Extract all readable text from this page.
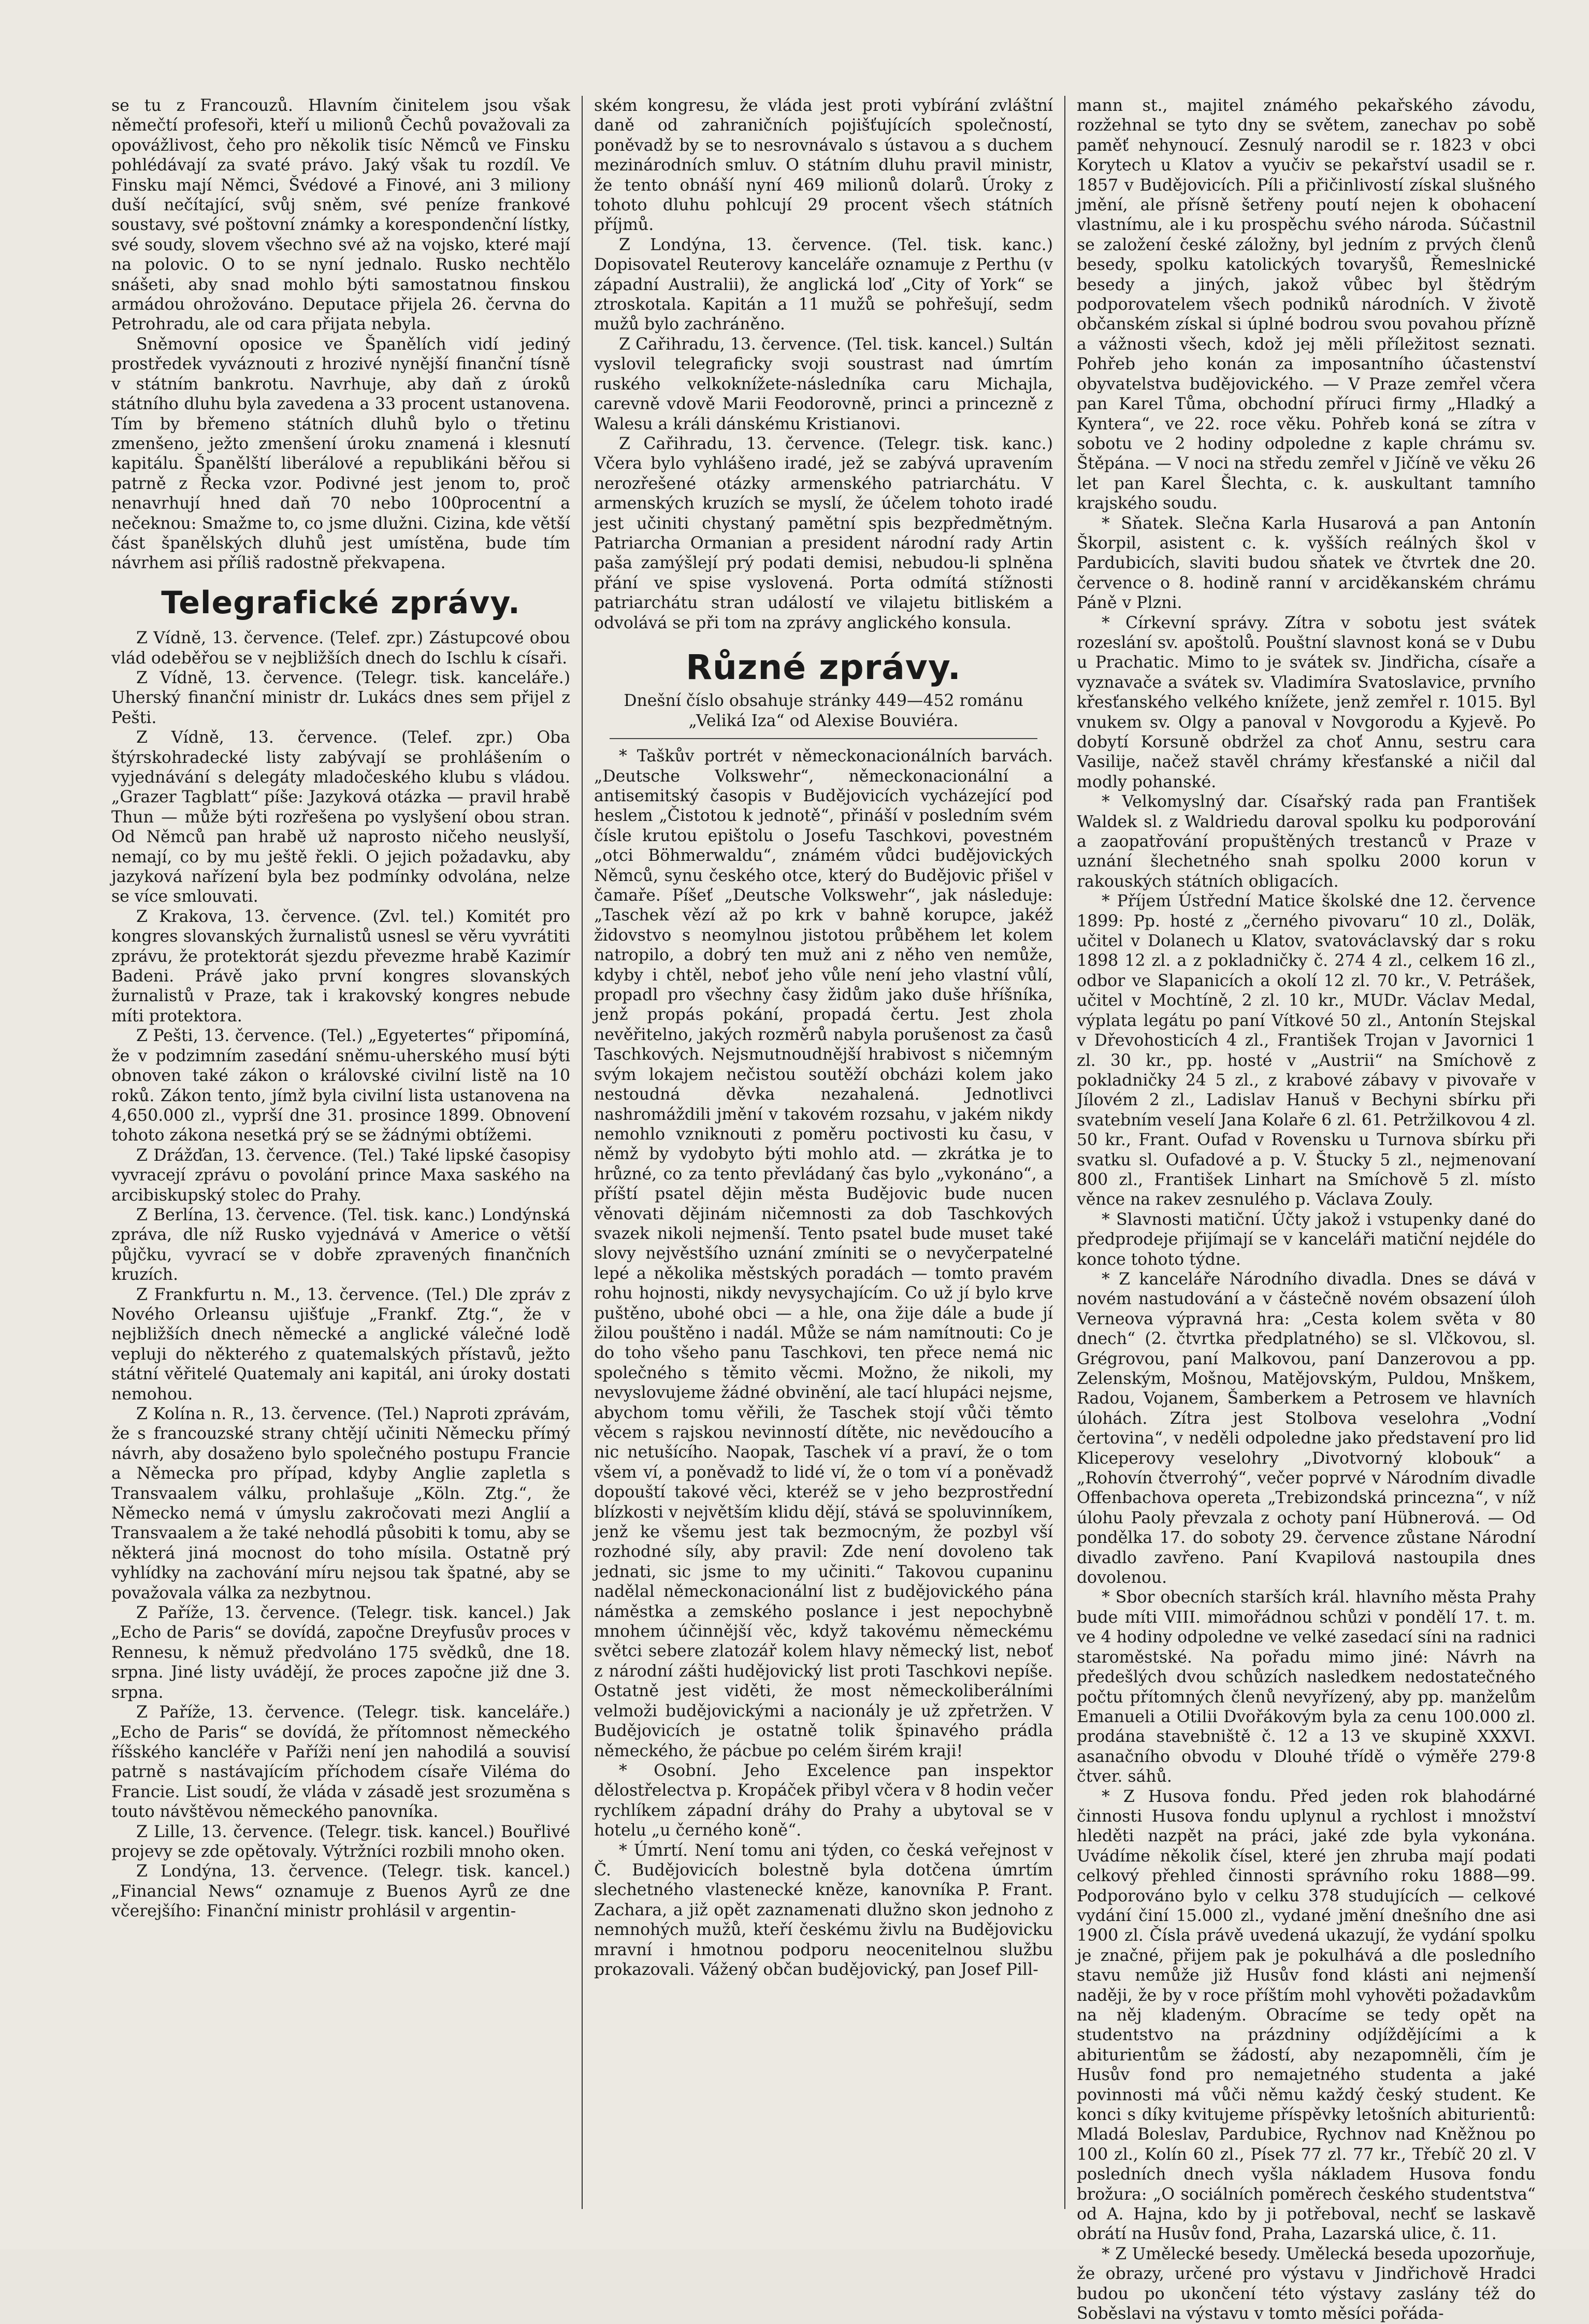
se tu z Francouzů. Hlavním činitelem jsou však němečtí profesoři, kteří u milionů Čechů považovali za opovážlivost, čeho pro několik tisíc Němců ve Finsku pohlédávají za svaté právo. Jaký však tu rozdíl. Ve Finsku mají Němci, Švédové a Finové, ani 3 miliony duší nečítající, svůj sněm, své peníze frankové soustavy, své poštovní známky a korespondenční lístky, své soudy, slovem všechno své až na vojsko, které mají na polovic. O to se nyní jednalo. Rusko nechtělo snášeti, aby snad mohlo býti samostatnou finskou armádou ohrožováno. Deputace přijela 26. června do Petrohradu, ale od cara přijata nebyla.

Sněmovní oposice ve Španělích vidí jediný prostředek vyváznouti z hrozivé nynější finanční tísně v státním bankrotu. Navrhuje, aby daň z úroků státního dluhu byla zavedena a 33 procent ustanovena. Tím by břemeno státních dluhů bylo o třetinu zmenšeno, ježto zmenšení úroku znamená i klesnutí kapitálu. Španělští liberálové a republikáni běřou si patrně z Řecka vzor. Podivné jest jenom to, proč nenavrhují hned daň 70 nebo 100procentní a nečeknou: Smažme to, co jsme dlužni. Cizina, kde větší část španělských dluhů jest umístěna, bude tím návrhem asi příliš radostně překvapena.

Telegrafické zprávy.

Z Vídně, 13. července. (Telef. zpr.) Zástupcové obou vlád odeběřou se v nejbližších dnech do Ischlu k císaři.

Z Vídně, 13. července. (Telegr. tisk. kanceláře.) Uherský finanční ministr dr. Lukács dnes sem přijel z Pešti.

Z Vídně, 13. července. (Telef. zpr.) Oba štýrskohradecké listy zabývají se prohlášením o vyjednávání s delegáty mladočeského klubu s vládou. „Grazer Tagblatt“ píše: Jazyková otázka — pravil hrabě Thun — může býti rozřešena po vyslyšení obou stran. Od Němců pan hrabě už naprosto ničeho neuslyší, nemají, co by mu ještě řekli. O jejich požadavku, aby jazyková nařízení byla bez podmínky odvolána, nelze se více smlouvati.

Z Krakova, 13. července. (Zvl. tel.) Komitét pro kongres slovanských žurnalistů usnesl se věru vyvrátiti zprávu, že protektorát sjezdu převezme hrabě Kazimír Badeni. Právě jako první kongres slovanských žurnalistů v Praze, tak i krakovský kongres nebude míti protektora.

Z Pešti, 13. července. (Tel.) „Egyetertes“ připomíná, že v podzimním zasedání sněmu-uherského musí býti obnoven také zákon o královské civilní listě na 10 roků. Zákon tento, jímž byla civilní lista ustanovena na 4,650.000 zl., vyprší dne 31. prosince 1899. Obnovení tohoto zákona nesetká prý se se žádnými obtížemi.

Z Drážďan, 13. července. (Tel.) Také lipské časopisy vyvracejí zprávu o povolání prince Maxa saského na arcibiskupský stolec do Prahy.

Z Berlína, 13. července. (Tel. tisk. kanc.) Londýnská zpráva, dle níž Rusko vyjednává v Americe o větší půjčku, vyvrací se v dobře zpravených finančních kruzích.

Z Frankfurtu n. M., 13. července. (Tel.) Dle zpráv z Nového Orleansu ujišťuje „Frankf. Ztg.“, že v nejbližších dnech německé a anglické válečné lodě vepluji do některého z quatemalských přístavů, ježto státní věřitelé Quatemaly ani kapitál, ani úroky dostati nemohou.

Z Kolína n. R., 13. července. (Tel.) Naproti zprávám, že s francouzské strany chtějí učiniti Německu přímý návrh, aby dosaženo bylo společného postupu Francie a Německa pro případ, kdyby Anglie zapletla s Transvaalem válku, prohlašuje „Köln. Ztg.“, že Německo nemá v úmyslu zakročovati mezi Anglií a Transvaalem a že také nehodlá působiti k tomu, aby se některá jiná mocnost do toho mísila. Ostatně prý vyhlídky na zachování míru nejsou tak špatné, aby se považovala válka za nezbytnou.

Z Paříže, 13. července. (Telegr. tisk. kancel.) Jak „Echo de Paris“ se dovídá, započne Dreyfusův proces v Rennesu, k němuž předvoláno 175 svědků, dne 18. srpna. Jiné listy uvádějí, že proces započne již dne 3. srpna.

Z Paříže, 13. července. (Telegr. tisk. kanceláře.) „Echo de Paris“ se dovídá, že přítomnost německého říšského kancléře v Paříži není jen nahodilá a souvisí patrně s nastávajícím příchodem císaře Viléma do Francie. List soudí, že vláda v zásadě jest srozuměna s touto návštěvou německého panovníka.

Z Lille, 13. července. (Telegr. tisk. kancel.) Bouřlivé projevy se zde opětovaly. Výtržníci rozbili mnoho oken.

Z Londýna, 13. července. (Telegr. tisk. kancel.) „Financial News“ oznamuje z Buenos Ayrů ze dne včerejšího: Finanční ministr prohlásil v argentin-

ském kongresu, že vláda jest proti vybírání zvláštní daně od zahraničních pojišťujících společností, poněvadž by se to nesrovnávalo s ústavou a s duchem mezinárodních smluv. O státním dluhu pravil ministr, že tento obnáší nyní 469 milionů dolarů. Úroky z tohoto dluhu pohlcují 29 procent všech státních příjmů.

Z Londýna, 13. července. (Tel. tisk. kanc.) Dopisovatel Reuterovy kanceláře oznamuje z Perthu (v západní Australii), že anglická loď „City of York“ se ztroskotala. Kapitán a 11 mužů se pohřešují, sedm mužů bylo zachráněno.

Z Cařihradu, 13. července. (Tel. tisk. kancel.) Sultán vyslovil telegraficky svoji soustrast nad úmrtím ruského velkoknížete-následníka caru Michajla, carevně vdově Marii Feodorovně, princi a princezně z Walesu a králi dánskému Kristianovi.

Z Cařihradu, 13. července. (Telegr. tisk. kanc.) Včera bylo vyhlášeno iradé, jež se zabývá upravením nerozřešené otázky armenského patriarchátu. V armenských kruzích se myslí, že účelem tohoto iradé jest učiniti chystaný pamětní spis bezpředmětným. Patriarcha Ormanian a president národní rady Artin paša zamýšlejí prý podati demisi, nebudou-li splněna přání ve spise vyslovená. Porta odmítá stížnosti patriarchátu stran událostí ve vilajetu bitliském a odvolává se při tom na zprávy anglického konsula.

Různé zprávy.

Dnešní číslo obsahuje stránky 449—452 románu „Veliká Iza“ od Alexise Bouviéra.

* Taškův portrét v německonacionálních barvách. „Deutsche Volkswehr“, německonacionální a antisemitský časopis v Budějovicích vycházející pod heslem „Čistotou k jednotě“, přináší v posledním svém čísle krutou epištolu o Josefu Taschkovi, povestném „otci Böhmerwaldu“, známém vůdci budějovických Němců, synu českého otce, který do Budějovic přišel v čamaře. Píšeť „Deutsche Volkswehr“, jak následuje: „Taschek vězí až po krk v bahně korupce, jakéž židovstvo s neomylnou jistotou průběhem let kolem natropilo, a dobrý ten muž ani z něho ven nemůže, kdyby i chtěl, neboť jeho vůle není jeho vlastní vůlí, propadl pro všechny časy židům jako duše hříšníka, jenž propás pokání, propadá čertu. Jest zhola nevěřitelno, jakých rozměrů nabyla porušenost za časů Taschkových. Nejsmutnoudnější hrabivost s ničemným svým lokajem nečistou soutěží obcházi kolem jako nestoudná děvka nezahalená. Jednotlivci nashromáždili jmění v takovém rozsahu, v jakém nikdy nemohlo vzniknouti z poměru poctivosti ku času, v němž by vydobyto býti mohlo atd. — zkrátka je to hrůzné, co za tento převládaný čas bylo „vykonáno“, a příští psatel dějin města Budějovic bude nucen věnovati dějinám ničemnosti za dob Taschkových svazek nikoli nejmenší. Tento psatel bude muset také slovy nejvěstšího uznání zmíniti se o nevyčerpatelné lepé a několika městských poradách — tomto pravém rohu hojnosti, nikdy nevysychajícím. Co už jí bylo krve puštěno, ubohé obci — a hle, ona žije dále a bude jí žilou pouštěno i nadál. Může se nám namítnouti: Co je do toho všeho panu Taschkovi, ten přece nemá nic společného s těmito věcmi. Možno, že nikoli, my nevyslovujeme žádné obvinění, ale tací hlupáci nejsme, abychom tomu věřili, že Taschek stojí vůči těmto věcem s rajskou nevinností dítěte, nic nevědoucího a nic netušícího. Naopak, Taschek ví a praví, že o tom všem ví, a poněvadž to lidé ví, že o tom ví a poněvadž dopouští takové věci, kteréž se v jeho bezprostřední blízkosti v největším klidu dějí, stává se spoluvinníkem, jenž ke všemu jest tak bezmocným, že pozbyl vší rozhodné síly, aby pravil: Zde není dovoleno tak jednati, sic jsme to my učiniti.“ Takovou cupaninu nadělal německonacionální list z budějovického pána náměstka a zemského poslance i jest nepochybně mnohem účinnější věc, když takovému německému světci sebere zlatozář kolem hlavy německý list, neboť z národní zášti hudějovický list proti Taschkovi nepíše. Ostatně jest viděti, že most německoliberálními velmoži budějovickými a nacionály je už zpřetržen. V Budějovicích je ostatně tolik špinavého prádla německého, že pácbue po celém širém kraji!

* Osobní. Jeho Excelence pan inspektor dělostřelectva p. Kropáček přibyl včera v 8 hodin večer rychlíkem západní dráhy do Prahy a ubytoval se v hotelu „u černého koně“.

* Úmrtí. Není tomu ani týden, co česká veřejnost v Č. Budějovicích bolestně byla dotčena úmrtím slechetného vlastenecké kněze, kanovníka P. Frant. Zachara, a již opět zaznamenati dlužno skon jednoho z nemnohých mužů, kteří českému živlu na Budějovicku mravní i hmotnou podporu neocenitelnou službu prokazovali. Vážený občan budějovický, pan Josef Pill-

mann st., majitel známého pekařského závodu, rozžehnal se tyto dny se světem, zanechav po sobě paměť nehynoucí. Zesnulý narodil se r. 1823 v obci Korytech u Klatov a vyučiv se pekařství usadil se r. 1857 v Budějovicích. Píli a přičinlivostí získal slušného jmění, ale přísně šetřeny poutí nejen k obohacení vlastnímu, ale i ku prospěchu svého národa. Súčastnil se založení české záložny, byl jedním z prvých členů besedy, spolku katolických tovaryšů, Řemeslnické besedy a jiných, jakož vůbec byl štědrým podporovatelem všech podniků národních. V životě občanském získal si úplné bodrou svou povahou přízně a vážnosti všech, kdož jej měli příležitost seznati. Pohřeb jeho konán za imposantního účastenství obyvatelstva budějovického. — V Praze zemřel včera pan Karel Tůma, obchodní příruci firmy „Hladký a Kyntera“, ve 22. roce věku. Pohřeb koná se zítra v sobotu ve 2 hodiny odpoledne z kaple chrámu sv. Štěpána. — V noci na středu zemřel v Jičíně ve věku 26 let pan Karel Šlechta, c. k. auskultant tamního krajského soudu.

* Sňatek. Slečna Karla Husarová a pan Antonín Škorpil, asistent c. k. vyšších reálných škol v Pardubicích, slaviti budou sňatek ve čtvrtek dne 20. července o 8. hodině ranní v arciděkanském chrámu Páně v Plzni.

* Církevní správy. Zítra v sobotu jest svátek rozeslání sv. apoštolů. Pouštní slavnost koná se v Dubu u Prachatic. Mimo to je svátek sv. Jindřicha, císaře a vyznavače a svátek sv. Vladimíra Svatoslavice, prvního křesťanského velkého knížete, jenž zemřel r. 1015. Byl vnukem sv. Olgy a panoval v Novgorodu a Kyjevě. Po dobytí Korsuně obdržel za choť Annu, sestru cara Vasilije, načež stavěl chrámy křesťanské a ničil dal modly pohanské.

* Velkomyslný dar. Císařský rada pan František Waldek sl. z Waldriedu daroval spolku ku podporování a zaopatřování propuštěných trestanců v Praze v uznání šlechetného snah spolku 2000 korun v rakouských státních obligacích.

* Příjem Ústřední Matice školské dne 12. července 1899: Pp. hosté z „černého pivovaru“ 10 zl., Doläk, učitel v Dolanech u Klatov, svatováclavský dar s roku 1898 12 zl. a z pokladničky č. 274 4 zl., celkem 16 zl., odbor ve Slapanicích a okolí 12 zl. 70 kr., V. Petrášek, učitel v Mochtíně, 2 zl. 10 kr., MUDr. Václav Medal, výplata legátu po paní Vítkové 50 zl., Antonín Stejskal v Dřevohosticích 4 zl., František Trojan v Javornici 1 zl. 30 kr., pp. hosté v „Austrii“ na Smíchově z pokladničky 24 5 zl., z krabové zábavy v pivovaře v Jílovém 2 zl., Ladislav Hanuš v Bechyni sbírku při svatebním veselí Jana Kolaře 6 zl. 61. Petržilkovou 4 zl. 50 kr., Frant. Oufad v Rovensku u Turnova sbírku při svatku sl. Oufadové a p. V. Štucky 5 zl., nejmenovaní 800 zl., František Linhart na Smíchově 5 zl. místo věnce na rakev zesnulého p. Václava Zouly.

* Slavnosti matiční. Účty jakož i vstupenky dané do předprodeje přijímají se v kanceláři matiční nejdéle do konce tohoto týdne.

* Z kanceláře Národního divadla. Dnes se dává v novém nastudování a v částečně novém obsazení úloh Verneova výpravná hra: „Cesta kolem světa v 80 dnech“ (2. čtvrtka předplatného) se sl. Vlčkovou, sl. Grégrovou, paní Malkovou, paní Danzerovou a pp. Zelenským, Mošnou, Matějovským, Puldou, Mnškem, Radou, Vojanem, Šamberkem a Petrosem ve hlavních úlohách. Zítra jest Stolbova veselohra „Vodní čertovina“, v neděli odpoledne jako představení pro lid Kliceperovy veselohry „Divotvorný klobouk“ a „Rohovín čtverrohý“, večer poprvé v Národním divadle Offenbachova opereta „Trebizondská princezna“, v níž úlohu Paoly převzala z ochoty paní Hübnerová. — Od pondělka 17. do soboty 29. července zůstane Národní divadlo zavřeno. Paní Kvapilová nastoupila dnes dovolenou.

* Sbor obecních starších král. hlavního města Prahy bude míti VIII. mimořádnou schůzi v pondělí 17. t. m. ve 4 hodiny odpoledne ve velké zasedací síni na radnici staroměstské. Na pořadu mimo jiné: Návrh na předešlých dvou schůzích nasledkem nedostatečného počtu přítomných členů nevyřízený, aby pp. manželům Emanueli a Otilii Dvořákovým byla za cenu 100.000 zl. prodána stavebniště č. 12 a 13 ve skupině XXXVI. asanačního obvodu v Dlouhé třídě o výměře 279·8 čtver. sáhů.

* Z Husova fondu. Před jeden rok blahodárné činnosti Husova fondu uplynul a rychlost i množství hleděti nazpět na práci, jaké zde byla vykonána. Uvádíme několik čísel, které jen zhruba mají podati celkový přehled činnosti správního roku 1888—99. Podporováno bylo v celku 378 studujících — celkové vydání činí 15.000 zl., vydané jmění dnešního dne asi 1900 zl. Čísla právě uvedená ukazují, že vydání spolku je značné, přijem pak je pokulhává a dle posledního stavu nemůže již Husův fond klásti ani nejmenší naději, že by v roce příštím mohl vyhověti požadavkům na něj kladeným. Obracíme se tedy opět na studentstvo na prázdniny odjíždějícími a k abiturientům se žádostí, aby nezapomněli, čím je Husův fond pro nemajetného studenta a jaké povinnosti má vůči němu každý český student. Ke konci s díky kvitujeme příspěvky letošních abiturientů: Mladá Boleslav, Pardubice, Rychnov nad Kněžnou po 100 zl., Kolín 60 zl., Písek 77 zl. 77 kr., Třebíč 20 zl. V posledních dnech vyšla nákladem Husova fondu brožura: „O sociálních poměrech českého studentstva“ od A. Hajna, kdo by ji potřeboval, nechť se laskavě obrátí na Husův fond, Praha, Lazarská ulice, č. 11.

* Z Umělecké besedy. Umělecká beseda upozorňuje, že obrazy, určené pro výstavu v Jindřichově Hradci budou po ukončení této výstavy zaslány též do Soběslavi na výstavu v tomto měsíci pořáda-
